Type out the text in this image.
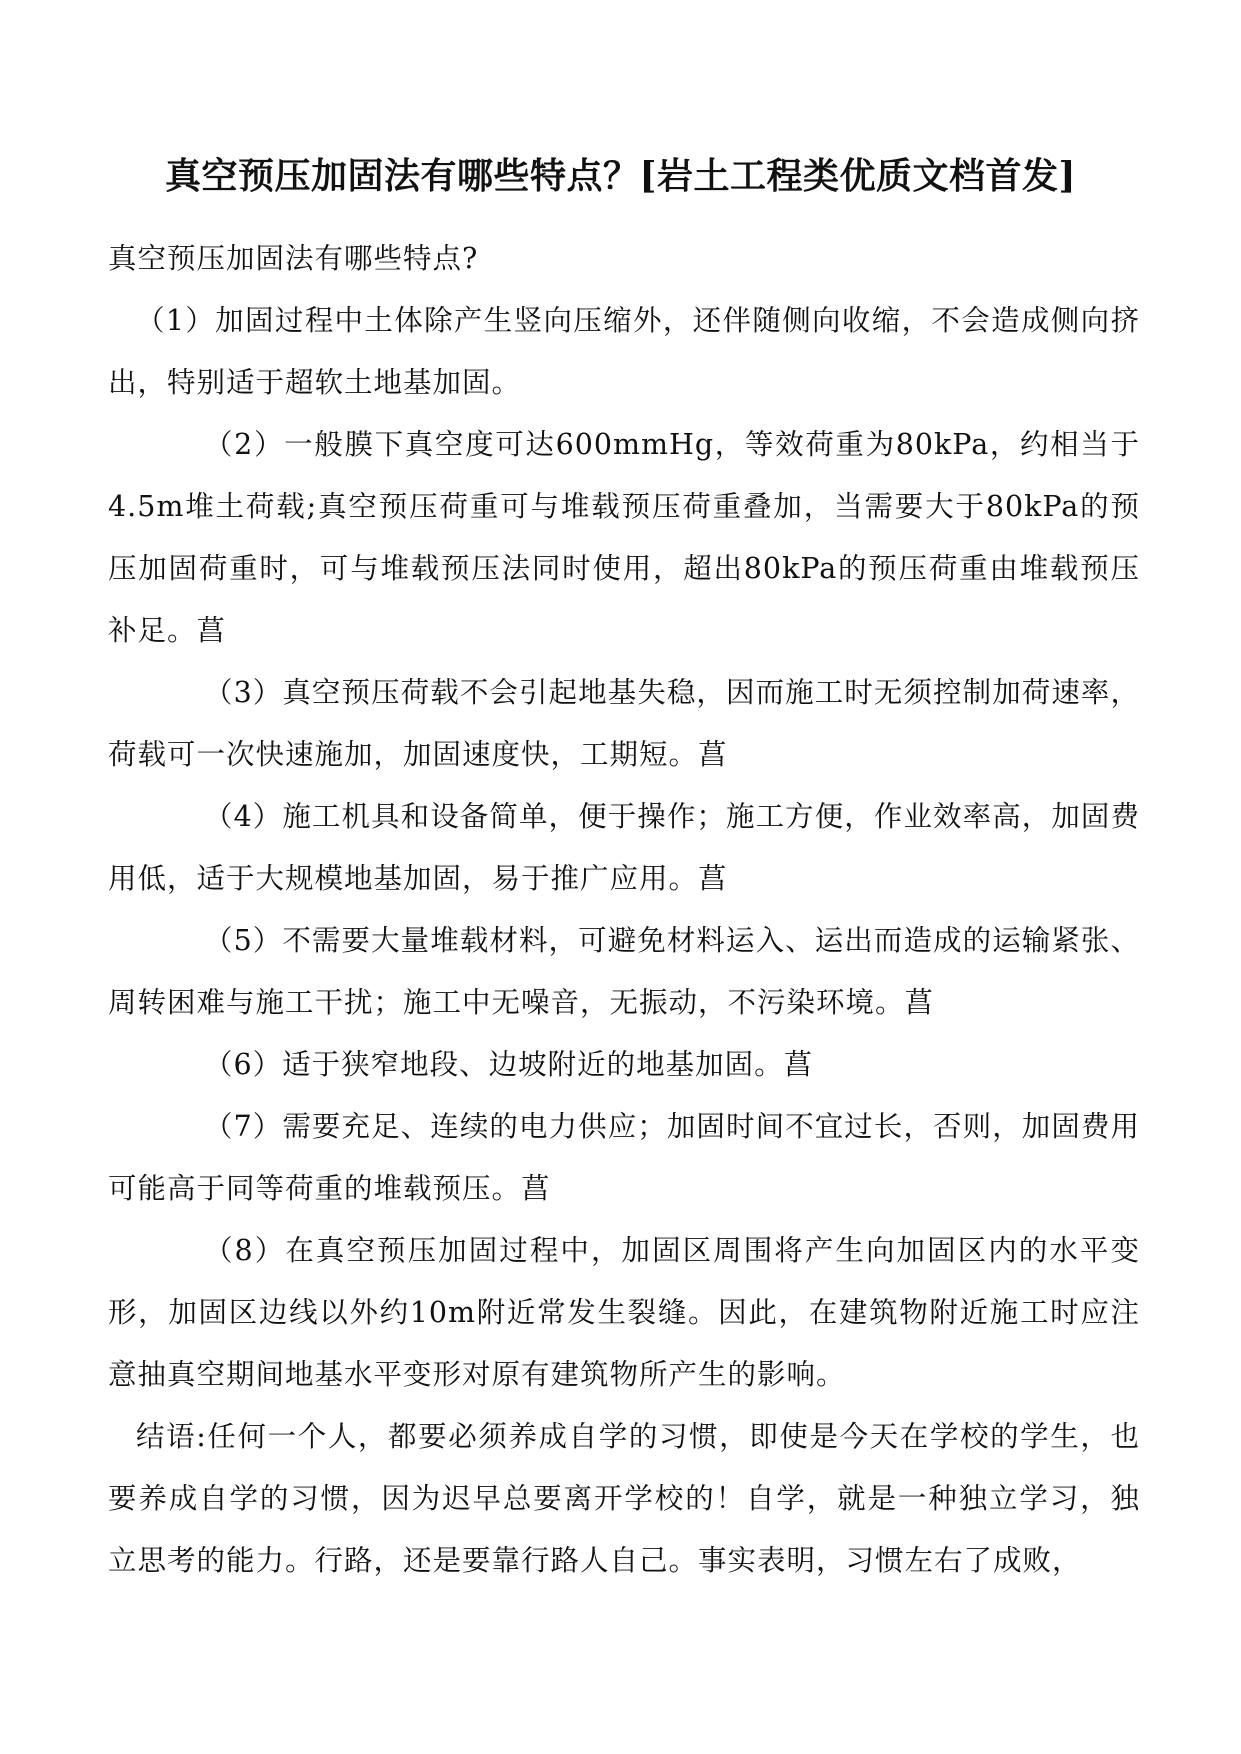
真空预压加固法有哪些特点？[岩土工程类优质文档首发]

真空预压加固法有哪些特点?

（1）加固过程中土体除产生竖向压缩外，还伴随侧向收缩，不会造成侧向挤出，特别适于超软土地基加固。

（2）一般膜下真空度可达600mmHg，等效荷重为80kPa，约相当于4.5m堆土荷载;真空预压荷重可与堆载预压荷重叠加，当需要大于80kPa的预压加固荷重时，可与堆载预压法同时使用，超出80kPa的预压荷重由堆载预压补足。菖

（3）真空预压荷载不会引起地基失稳，因而施工时无须控制加荷速率，荷载可一次快速施加，加固速度快，工期短。菖

（4）施工机具和设备简单，便于操作；施工方便，作业效率高，加固费用低，适于大规模地基加固，易于推广应用。菖

（5）不需要大量堆载材料，可避免材料运入、运出而造成的运输紧张、周转困难与施工干扰；施工中无噪音，无振动，不污染环境。菖

（6）适于狭窄地段、边坡附近的地基加固。菖

（7）需要充足、连续的电力供应；加固时间不宜过长，否则，加固费用可能高于同等荷重的堆载预压。菖

（8）在真空预压加固过程中，加固区周围将产生向加固区内的水平变形，加固区边线以外约10m附近常发生裂缝。因此，在建筑物附近施工时应注意抽真空期间地基水平变形对原有建筑物所产生的影响。

结语:任何一个人，都要必须养成自学的习惯，即使是今天在学校的学生，也要养成自学的习惯，因为迟早总要离开学校的！自学，就是一种独立学习，独立思考的能力。行路，还是要靠行路人自己。事实表明，习惯左右了成败，
